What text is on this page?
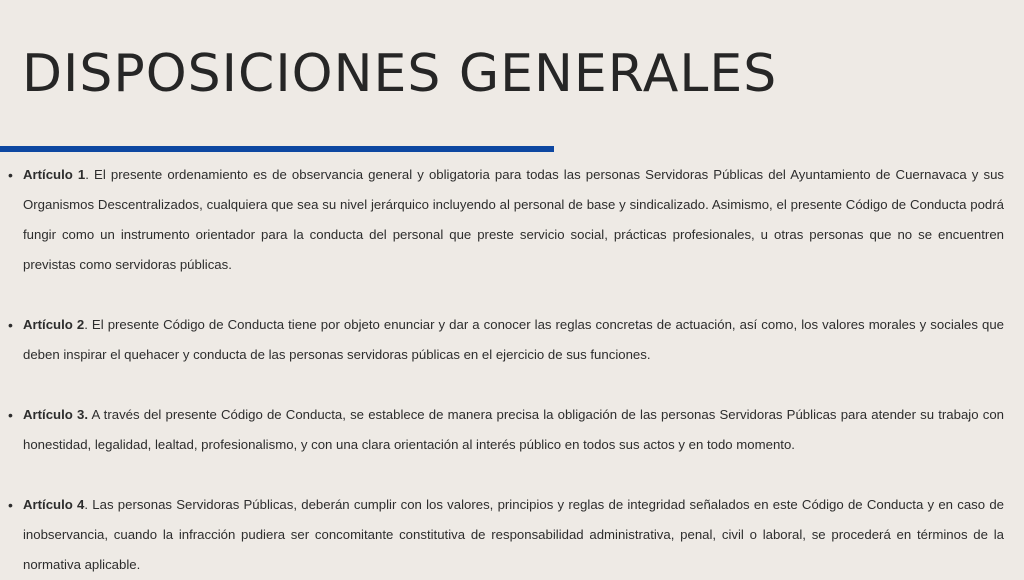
DISPOSICIONES GENERALES
• Artículo 1. El presente ordenamiento es de observancia general y obligatoria para todas las personas Servidoras Públicas del Ayuntamiento de Cuernavaca y sus Organismos Descentralizados, cualquiera que sea su nivel jerárquico incluyendo al personal de base y sindicalizado. Asimismo, el presente Código de Conducta podrá fungir como un instrumento orientador para la conducta del personal que preste servicio social, prácticas profesionales, u otras personas que no se encuentren previstas como servidoras públicas.
• Artículo 2. El presente Código de Conducta tiene por objeto enunciar y dar a conocer las reglas concretas de actuación, así como, los valores morales y sociales que deben inspirar el quehacer y conducta de las personas servidoras públicas en el ejercicio de sus funciones.
• Artículo 3. A través del presente Código de Conducta, se establece de manera precisa la obligación de las personas Servidoras Públicas para atender su trabajo con honestidad, legalidad, lealtad, profesionalismo, y con una clara orientación al interés público en todos sus actos y en todo momento.
• Artículo 4. Las personas Servidoras Públicas, deberán cumplir con los valores, principios y reglas de integridad señalados en este Código de Conducta y en caso de inobservancia, cuando la infracción pudiera ser concomitante constitutiva de responsabilidad administrativa, penal, civil o laboral, se procederá en términos de la normativa aplicable.
